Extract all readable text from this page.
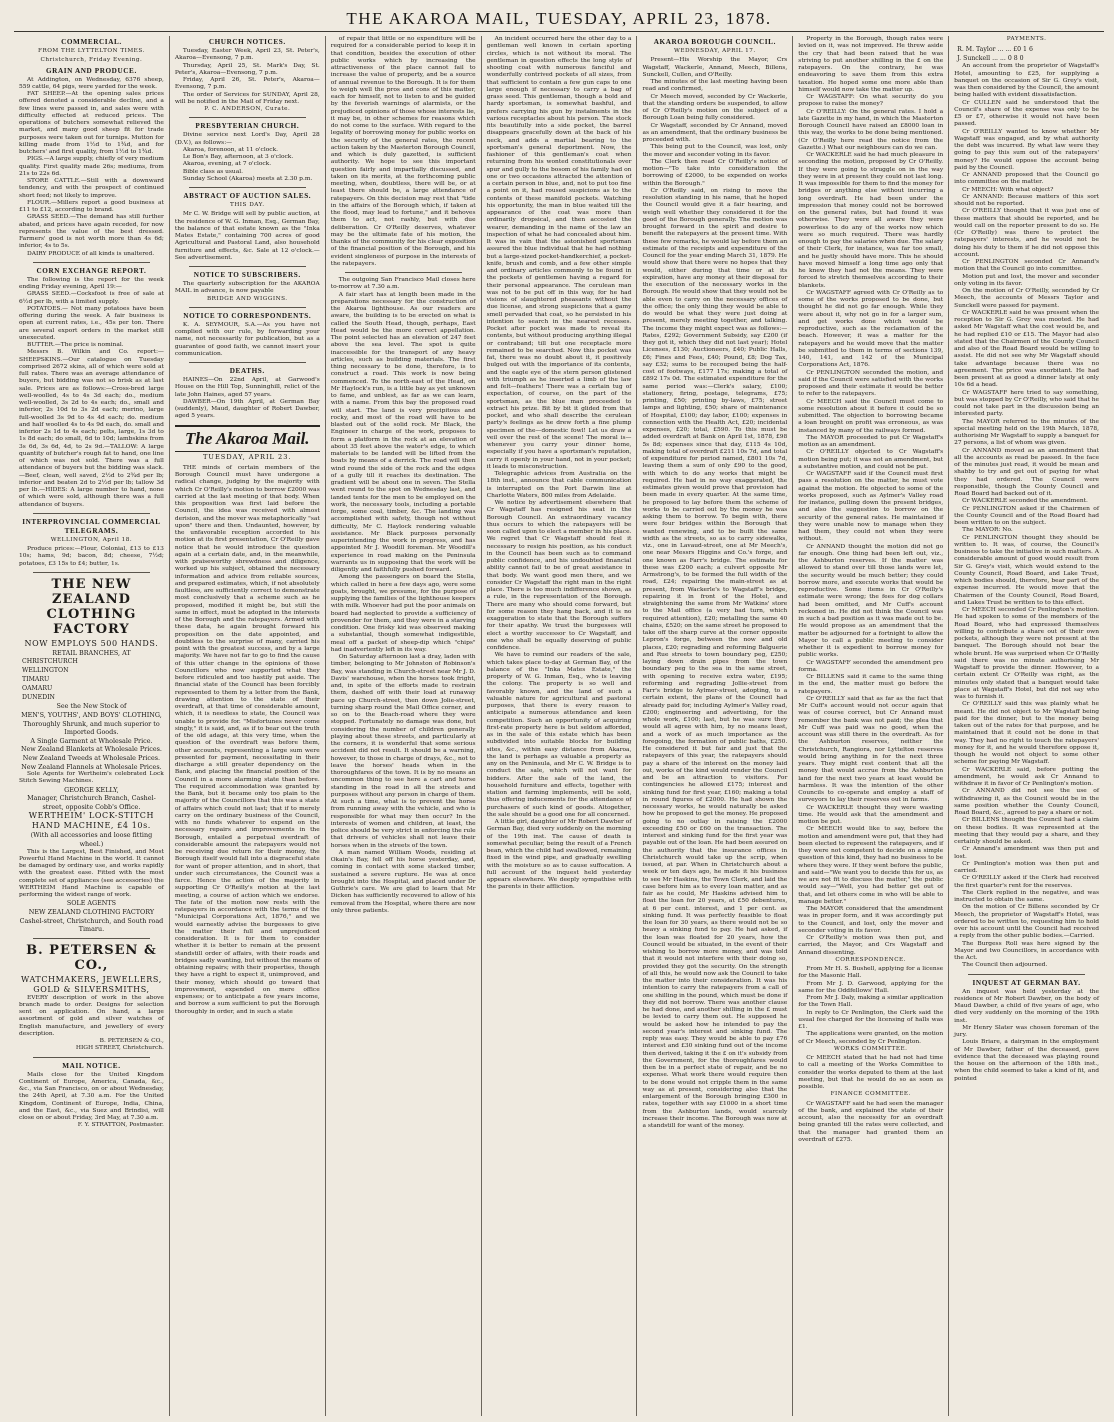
THE AKAROA MAIL, TUESDAY, APRIL 23, 1878.
COMMERCIAL.
FROM THE LYTTELTON TIMES.
Christchurch, Friday Evening.
GRAIN AND PRODUCE.

At Addington, on Wednesday, 6376 sheep, 559 cattle, 64 pigs, were yarded for the week.

FAT SHEEP.—At the opening sales prices offered denoted a considerable decline, and a few lines were passed in, and sales were with difficulty effected at reduced prices. The operations of butchers somewhat relieved the market, and many good sheep fit for trade purposes were taken out for turnips. Mutton for killing made from 1½d to 1¾d, and for butchers' and first quality, from 1½d to 1¾d.

PIGS.—A large supply, chiefly of very medium quality. First quality made 26s; mediums, from 21s to 22s 6d.

STORE CATTLE.—Still with a downward tendency, and with the prospect of continued short feed; not likely to improve.

FLOUR.—Millers report a good business at £11 to £12, according to brand.

GRASS SEED.—The demand has still further abated, and prices have again receded, for now represents the value of the best dressed. Farmers' good is not worth more than 4s 6d; inferior, 4s to 5s.

DAIRY PRODUCE of all kinds is unaltered.

CORN EXCHANGE REPORT.

The following is the report for the week ending Friday evening, April 19:—

GRASS SEED.—Cocksfoot is free of sale at 6½d per lb, with a limited supply.

POTATOES.— Not many potatoes have been offering during the week. A fair business is open at current rates, i.e., 45s per ton. There are several export orders in the market still unexecuted.

BUTTER.—The price is nominal.

Messrs B. Wilkin and Co. report:— SHEEPSKINS.—Our catalogue on Tuesday comprised 2672 skins, all of which were sold at full rates. There was an average attendance of buyers, but bidding was not so brisk as at last sale. Prices are as follows:—Cross-bred large well-woolled, 4s to 4s 3d each; do., medium well-woolled, 3s 2d to 4s each; do., small and inferior, 2s 10d to 3s 2d each; merino, large full-woolled 3s 9d to 4s 4d each; do. medium and half woolled 4s to 4s 9d each, do. small and inferior 2s 1d to 4s each; pelts, large, 1s 3d to 1s 8d each; do small, 6d to 10d; lambskins from 3s 6d, 3s 6d, 4d, to 2s 9d.—TALLOW: A large quantity of butcher's rough fat to hand, one line of which was not sold. There was a full attendance of buyers but the bidding was slack.—Beef, clean, well saved, 2½d to 2¾d per lb; inferior and beaten 2d to 2½d per lb; tallow 3d per lb.—HIDES: A large number to hand, none of which were sold, although there was a full attendance of buyers.

INTERPROVINCIAL COMMERCIAL TELEGRAMS.
WELLINGTON, April 18.

Produce prices:—Flour, Colonial, £13 to £13 10s; hams, 9d; bacon, 8d; cheese, 7½d; potatoes, £3 15s to £4; butter, 1s.

THE NEW ZEALAND CLOTHING FACTORY
NOW EMPLOYS 500 HANDS.
RETAIL BRANCHES, AT
CHRISTCHURCH
WELLINGTON
TIMARU
OAMARU
DUNEDIN
See the New Stock of
MEN'S, YOUTHS', AND BOYS' CLOTHING,
Thoroughly Shrunk, and much superior to Imported Goods.
A Single Garment at Wholesale Price.
New Zealand Blankets at Wholesale Prices.
New Zealand Tweeds at Wholesale Prices.
New Zealand Flannels at Wholesale Prices.

Sole Agents for Wertheim's celebrated Lock Stitch Sewing Machines.

GEORGE KELLY,
Manager, Christchurch Branch, Cashel-street, opposite Cobb's Office.
WERTHEIM' LOCK-STITCH HAND MACHINE, £4 10s.
(With all accessories and loose fitting wheel.)

This is the Largest, Best Finished, and Most Powerful Hand Machine in the world. It cannot be damaged by ordinary use, and works rapidly with the greatest ease. Fitted with the most complete set of appliances (see accessories) the WERTHEIM Hand Machine is capable of performing the widest range of work.

SOLE AGENTS
NEW ZEALAND CLOTHING FACTORY
Cashel-street, Christchurch, and South road Timaru.
B. PETERSEN & CO.,
WATCHMAKERS, JEWELLERS, GOLD & SILVERSMITHS,

EVERY description of work in the above branch made to order. Designs for selection sent on application. On hand, a large assortment of gold and silver watches of English manufacture, and jewellery of every description.

B. PETERSEN & CO.,
HIGH STREET, Christchurch.
MAIL NOTICE.

Mails close for the United Kingdom Continent of Europe, America, Canada, &c., &c., via San Francisco, on or about Wednesday, the 24th April, at 7.30 a.m. For the United Kingdom, Continent of Europe, India, China, and the East, &c., via Suez and Brindisi, will close on or about Friday, 3rd May, at 7.30 a.m.

F. Y. STRATTON, Postmaster.
CHURCH NOTICES.

Tuesday, Easter Week, April 23, St. Peter's, Akaroa—Evensong, 7 p.m.

Thursday, April 25, St. Mark's Day, St. Peter's, Akaroa—Evensong, 7 p.m.

Friday, April 26, St. Peter's, Akaroa—Evensong, 7 p.m.

The order of Services for SUNDAY, April 28, will be notified in the Mail of Friday next.

P. C. ANDERSON, Curate.
PRESBYTERIAN CHURCH.

Divine service next Lord's Day, April 28 (D.V.), as follows:—

Akaroa, forenoon, at 11 o'clock.

Le Bon's Bay, afternoon, at 3 o'clock.

Akaroa, evening, at 7 o'clock.

Bible class as usual.

Sunday School (Akaroa) meets at 2.30 p.m.

ABSTRACT OF AUCTION SALES.
THIS DAY.

Mr C. W. Bridge will sell by public auction, at the residence of W. G. Inman, Esq., German Bay, the balance of that estate known as the "Inka Mates Estate," containing 700 acres of good Agricultural and Pastoral Land, also household furniture and effects, &c. Sale at 12 o'clock.—See advertisement.

NOTICE TO SUBSCRIBERS.

The quarterly subscription for the AKAROA MAIL in advance, is now payable

BRIDGE AND WIGGINS.
NOTICE TO CORRESPONDENTS.

K. A. SEYMOUR, S.A.—As you have not complied with our rule, by forwarding your name, not necessarily for publication, but as a guarantee of good faith, we cannot insert your communication.

DEATHS.

HAINES—On 22nd April, at Garwood's House on the Hill Top, Sunninghill, relict of the late John Haines, aged 57 years.

DAWBER—On 19th April, at German Bay (suddenly), Maud, daughter of Robert Dawber, aged 5 years.

The Akaroa Mail.
TUESDAY, APRIL 23.

THE minds of certain members of the Borough Council must have undergone a radical change, judging by the majority with which Cr O'Reilly's motion to borrow £2000 was carried at the last meeting of that body. When this proposition was first laid before the Council, the idea was received with almost derision, and the mover was metaphorically "sat upon" there and then. Undaunted, however, by the unfavorable reception accorded to his motion at its first presentation, Cr O'Reilly gave notice that he would introduce the question again at a certain date, and, in the meanwhile, with praiseworthy shrewdness and diligence, worked up his subject, obtained the necessary information and advice from reliable sources, and prepared estimates, which, if not absolutely faultless, are sufficiently correct to demonstrate most conclusively that a scheme such as he proposed, modified it might be, but still the same in effect, must be adopted in the interests of the Borough and the ratepayers. Armed with these data, he again brought forward his proposition on the date appointed, and doubtless to the surprise of many, carried his point with the greatest success, and by a large majority. We have not far to go to find the cause of this utter change in the opinions of those Councillors who now supported what they before ridiculed and too hastily put aside. The financial state of the Council has been forcibly represented to them by a letter from the Bank, drawing attention to the state of their overdraft, at that time of considerable amount, which, it is needless to state, the Council was unable to provide for. "Misfortunes never come singly," it is said, and, as if to bear out the truth of the old adage, at this very time, when the question of the overdraft was before them, other accounts, representing a large sum were presented for payment, necessitating in their discharge a still greater dependency on the Bank, and placing the financial position of the Council in a more alarming state than before. The required accommodation was granted by the Bank, but it became only too plain to the majority of the Councillors that this was a state of affairs which could not last; that if to merely carry on the ordinary business of the Council, with no funds whatever to expend on the necessary repairs and improvements in the Borough, entailed a perpetual overdraft of considerable amount the ratepayers would not be receiving due return for their money, the Borough itself would fall into a disgraceful state for want of proper attention, and in short, that under such circumstances, the Council was a farce. Hence the action of the majority in supporting Cr O'Reilly's motion at the last meeting, a course of action which we endorse. The fate of the motion now rests with the ratepayers in accordance with the terms of the "Municipal Corporations Act, 1876," and we would earnestly advise the burgesses to give the matter their full and unprejudiced consideration. It is for them to consider whether it is better to remain at the present standstill order of affairs, with their roads and bridges sadly wanting, but without the means of obtaining repairs; with their properties, though they have a right to expect it, unimproved, and their money, which should go toward that improvement, expended on mere office expenses; or to anticipate a few years income, and borrow a sum sufficient to put the Borough thoroughly in order, and in such a state

of repair that little or no expenditure will be required for a considerable period to keep it in that condition, besides the execution of other public works which by increasing the attractiveness of the place cannot fail to increase the value of property, and be a source of annual revenue to the Borough. It is for them to weigh well the pros and cons of this matter, each for himself, not to listen to and be guided by the feverish warnings of alarmists, or the prejudiced opinions of those whose interests lie, it may be, in other schemes for reasons which do not come to the surface. With regard to the legality of borrowing money for public works on the security of the general rates, the recent action taken by the Masterton Borough Council, and which is duly gazetted, is sufficient authority. We hope to see this important question fairly and impartially discussed, and taken on its merits, at the forthcoming public meeting, when, doubtless, there will be, or at least there should be, a large attendance of ratepayers. On this decision may rest that "tide in the affairs of the Borough which, if taken at the flood, may lead to fortune," and it behoves them to act, not rashly, but with due deliberation. Cr O'Reilly deserves, whatever may be the ultimate fate of his motion, the thanks of the community for his clear exposition of the financial position of the Borough, and his evident singleness of purpose in the interests of the ratepayers.

The outgoing San Francisco Mail closes here to-morrow at 7.30 a.m.

A fair start has at length been made in the preparations necessary for the construction of the Akaroa lighthouse. As our readers are aware, the building is to be erected on what is called the South Head, though, perhaps, East Head would be the more correct appellation. The point selected has an elevation of 247 feet above the sea level. The spot is quite inaccessible for the transport of any heavy articles, such as building materials. The first thing necessary to be done, therefore, is to construct a road. This work is now being commenced. To the north-east of the Head, on Mr Haylock's run, is a little bay as yet unknown to fame, and unblest, as far as we can learn, with a name. From this bay the proposed road will start. The land is very precipitous and rocky, and most of the road will have to be blasted out of the solid rock. Mr Black, the Engineer in charge of the work, proposes to form a platform in the rock at an elevation of about 35 feet above the water's edge, to which materials to be landed will be lifted from the boats by means of a derrick. The road will then wind round the side of the rock and the edges of a gully till it reaches its destination. The gradient will be about one in seven. The Stella went round to the spot on Wednesday last, and landed tents for the men to be employed on the work, the necessary tools, including a portable forge, some coal, timber, &c. The landing was accomplished with safety, though not without difficulty, Mr C. Haylock rendering valuable assistance. Mr Black purposes personally superintending the work in progress, and has appointed Mr J. Woodill foreman. Mr Woodill's experience in road making on the Peninsula warrants us in supposing that the work will be diligently and faithfully pushed forward.

Among the passengers on board the Stella, which called in here a few days ago, were some goats, brought, we presume, for the purpose of supplying the families of the lighthouse keepers with milk. Whoever had put the poor animals on board had neglected to provide a sufficiency of provender for them, and they were in a starving condition. One frisky kid was observed making a substantial, though somewhat indigestible, meal off a packet of sheep-dip which "chips" had inadvertently left in its way.

On Saturday afternoon last a dray, laden with timber, belonging to Mr Johnston of Robinson's Bay, was standing in Church-street near Mr J. D. Davis' warehouse, when the horses took fright, and, in spite of the efforts made to restrain them, dashed off with their load at runaway pace up Church-street, then down Jolie-street, turning sharp round the Mail Office corner, and so on to the Beach-road where they were stopped. Fortunately no damage was done, but considering the number of children generally playing about these streets, and particularly at the corners, it is wonderful that some serious accident did not result. It should be a warning, however, to those in charge of drays, &c., not to leave the horses' heads when in the thoroughfares of the town. It is by no means an uncommon thing to see here a cart and horse standing in the road in all the streets and purposes without any person in charge of them. At such a time, what is to prevent the horse from running away with the vehicle, and who is responsible for what may then occur? In the interests of women and children, at least, the police should be very strict in enforcing the rule that drivers of vehicles shall not leave their horses when in the streets of the town.

A man named William Woods, residing at Okain's Bay, fell off his horse yesterday, and, coming in contact with some stacked timber, sustained a severe rupture. He was at once brought into the Hospital, and placed under Dr Guthrie's care. We are glad to learn that Mr Dicken has sufficiently recovered to allow of his removal from the Hospital, where there are now only three patients.

An incident occurred here the other day to a gentleman well known in certain sporting circles, which is not without its moral. The gentleman in question effects the long style of shooting coat with numerous fanciful and wonderfully contrived pockets of all sizes, from that sufficient to contain a few gun caps to one large enough if necessary to carry a bag of grass seed. This gentleman, though a bold and hardy sportsman, is somewhat bashful, and prefers carrying his gun by instalments in the various receptacles about his person. The stock fits beautifully into a side pocket, the barrel disappears gracefully down at the back of his neck, and adds a martial bearing to the sportsman's general deportment. Now, the fashioner of this gentleman's coat when returning from his wonted constitutionals over spur and gully to the bosom of his family had on one or two occasions attracted the attention of a certain person in blue, and, not to put too fine a point on it, had roused suspicions as to the contents of these manifold pockets. Watching his opportunity, the man in blue waited till the appearance of the coat was more than ordinarily dropsical, and then accosted the wearer, demanding in the name of the law an inspection of what he had concealed about him. It was in vain that the astonished sportsman assured the blue individual that he had nothing but a large-sized pocket-handkerchief, a pocket-knife, brush and comb, and a few other simple and ordinary articles commonly to be found in the pockets of gentlemen having a regard for their personal appearance. The cerulean man was not to be put off in this way, for he had visions of slaughtered pheasants without the due license, and strong suspicions that a gamy smell pervaded that coat, so he persisted in his intention to search in the nearest recesses. Pocket after pocket was made to reveal its contents, but without producing anything illegal or contraband; till but one receptacle more remained to be searched. Now this pocket was fat, there was no doubt about it, it positively bulged out with the importance of its contents, and the eagle eye of the stern person glistened with triumph as he inserted a limb of the law and felt—feathers! There was a certain tug of expectation, of course, on the part of the sportsman, as the blue man proceeded to extract his prize. Bit by bit it glided from that pocket, and who shall describe the cerulean party's feelings as he drew forth a fine plump specimen of the—domestic fowl! Let us draw a veil over the rest of the scene! The moral is—whenever you carry your dinner home, especially if you have a sportsman's reputation, carry it openly in your hand, not in your pocket; it leads to misconstruction.

Telegraphic advices from Australia on the 18th inst., announce that cable communication is interrupted on the Port Darwin line at Charlotte Waters, 800 miles from Adelaide.

We notice by advertisement elsewhere that Cr Wagstaff has resigned his seat in the Borough Council. An extraordinary vacancy thus occurs to which the ratepayers will be soon called upon to elect a member in his place. We regret that Cr Wagstaff should feel it necessary to resign his position, as his conduct in the Council has been such as to command public confidence, and his undoubted financial ability cannot fail to be of great assistance in that body. We want good men there, and we consider Cr Wagstaff the right man in the right place. There is too much indifference shown, as a rule, in the representation of the Borough. There are many who should come forward, but for some reason they hang back, and it is no exaggeration to state that the Borough suffers for their apathy. We trust the burgesses will elect a worthy successor to Cr Wagstaff, and one who shall be equally deserving of public confidence.

We have to remind our readers of the sale, which takes place to-day at German Bay, of the balance of the "Inka Mates Estate," the property of W. G. Inman, Esq., who is leaving the colony. The property is so well and favorably known, and the land of such a valuable nature for agricultural and pastoral purposes, that there is every reason to anticipate a numerous attendance and keen competition. Such an opportunity of acquiring first-rate property here is but seldom afforded, as in the sale of this estate which has been subdivided into suitable blocks for building sites, &c., within easy distance from Akaroa, the land is perhaps as valuable a property as any on the Peninsula, and Mr C. W. Bridge is to conduct the sale, which will not want for bidders. After the sale of the land, the household furniture and effects, together with station and farming implements, will be sold, thus offering inducements for the attendance of purchasers of such kind of goods. Altogether, the sale should be a good one for all concerned.

A little girl, daughter of Mr Robert Dawber of German Bay, died very suddenly on the morning of the 19th inst. The cause of death is somewhat peculiar, being the result of a French bean, which the child had swallowed, remaining fixed in the wind pipe, and gradually swelling with the moisture so as to cause suffocation. A full account of the inquest held yesterday appears elsewhere. We deeply sympathise with the parents in their affliction.

AKAROA BOROUGH COUNCIL.
WEDNESDAY, APRIL 17.

Present—His Worship the Mayor, Crs Wagstaff, Wackerle, Annand, Meech, Billens, Sunckell, Cullen, and O'Reilly.

The minutes of the last meeting having been read and confirmed,

Cr Meech moved, seconded by Cr Wackerle, that the standing orders be suspended, to allow of Cr O'Reilly's motion on the subject of a Borough Loan being fully considered.

Cr Wagstaff, seconded by Cr Annand, moved as an amendment, that the ordinary business be proceeded with.

This being put to the Council, was lost, only the mover and seconder voting in its favor.

The Clerk then read Cr O'Reilly's notice of motion—"To take into consideration the borrowing of £2000, to be expended on works within the Borough."

Cr O'Reilly said, on rising to move the resolution standing in his name, that he hoped the Council would give it a fair hearing, and weigh well whether they considered it for the good of the Borough generally. The motion was brought forward in the spirit and desire to benefit the ratepayers at the present time. With these few remarks, he would lay before them an estimate of the receipts and expenditure of the Council for the year ending March 31, 1879. He would show that there were no hopes that they would, either during that time or at its expiration, have any money at their disposal for the execution of the necessary works in the Borough. He would show that they would not be able even to carry on the necessary offices of the office; the only thing they would be able to do would be what they were just doing at present, merely meeting together, and talking. The income they might expect was as follows:— Rates, £292; Government Subsidy, say £200 (if they got it, which they did not last year); Hotel Licenses, £130; Auctioneers, £40; Public Halls, £6; Fines and Fees, £40; Pound, £8; Dog Tax, say £32; sums to be recouped being the half-cost of footways, £177 17s; making a total of £892 17s 0d. The estimated expenditure for the same period was:—Clerk's salary, £100; stationery, firing, postage, telegrams, £75; printing, £50; printing by-laws, £75; street lamps and lighting, £50; share of maintenance of Hospital, £100; day labor, £100; expenses in connection with the Health Act, £20; incidental expenses, £20; total, £590. To this must be added overdraft at Bank on April 1st, 1878, £98 5s 8d; expenses since that day, £115 4s 10d, making total of overdraft £211 10s 7d, and total of expenditure for period named, £801 10s 7d, leaving them a sum of only £90 to the good, with which to do any works that might be required. He had in no way exaggerated, the estimates given would prove that provision had been made in every quarter. At the same time, he proposed to lay before them the scheme of works to be carried out by the money he was asking them to borrow. To begin with, there were four bridges within the Borough that wanted renewing, and to be built the same width as the streets, so as to carry sidewalks, viz., one in Lavaud-street, one at Mr Meech's, one near Messrs Higgins and Co.'s forge, and one known as Farr's bridge. The estimate for these was £200 each; a culvert opposite Mr Armstrong's, to be formed the full width of the road, £24; repairing the main-street as at present, from Wackerle's to Wagstaff's bridge, repairing it in front of the Hotel, and straightening the same from Mr Watkins' store to the Mail office (a very bad turn, which required attention), £20; metalling the same 40 chains, £520; on the same street he proposed to take off the sharp curve at the corner opposite Lepron's forge, between the now and old places, £20; regrading and reforming Balguerie and Rue streets to town boundary peg, £250; laying down drain pipes from the town boundary peg to the sea in the same street, with opening to receive extra water, £195; reforming and regrading Jollie-street from Farr's bridge to Aylmer-street, adopting, to a certain extent, the plans of the Council had already paid for, including Aylmer's Valley road, £200; engineering and advertising, for the whole work, £100; last, but he was sure they would all agree with him, by no means least, and a work of as much importance as the foregoing, the formation of public baths, £250. He considered it but fair and just that the ratepayers of this year, the ratepayers should pay a share of the interest on the money laid out, works of the kind would render the Council and be an attraction to visitors. For contingencies he allowed £175; interest and sinking fund for first year, £160; making a total in round figures of £2000. He had shown the necessary works, he would naturally be asked how he proposed to get the money. He proposed going to no outlay in raising the £2000 exceeding £50 or £60 on the transaction. The interest and sinking fund for the first year was payable out of the loan. He had been assured on the authority that the insurance offices in Christchurch would take up the scrip, when issued, at par. When in Christchurch about a week or ten days ago, he made it his business to see Mr Haskins, the Town Clerk, and laid the case before him as to every loan matter, and as fair as he could, Mr Haskins advised him to float the loan for 20 years, at £50 debentures, at 6 per cent. interest, and 1 per cent. as sinking fund. It was perfectly feasible to float the loan for 30 years, as there would not be so heavy a sinking fund to pay. He had asked, if the loan was floated for 20 years, how the Council would be situated, in the event of their wishing to borrow more money, and was told that it would not interfere with their doing so, provided they got the security. On the strength of all this, he would now ask the Council to take the matter into their consideration. It was his intention to carry the ratepayers from a call of one shilling in the pound, which must be done if they did not borrow. There was another clause he had done, and another shilling in the £ must be levied to carry them out. He supposed he would be asked how he intended to pay the second year's interest and sinking fund. The reply was easy. They would be able to pay £76 interest and £30 sinking fund out of the income then derived, taking it the £ on it's subsidy from the Government, for the thoroughfares would then be in a perfect state of repair, and be no expense. What work there would require then to be done would not cripple them in the same way as at present, considering also that the enlargement of the Borough bringing £300 in rates, together with say £1000 in a short time from the Ashburton lands, would scarcely increase their income. The Borough was now at a standstill for want of the money.

Property in the Borough, though rates were levied on it, was not improved. He threw aside the cry that had been raised that he was striving to put another shilling in the £ on the ratepayers. On the contrary, he was endeavoring to save them from this extra taxation. He hoped some one more able than himself would now take the matter up.

Cr WAGSTAFF: On what security do you propose to raise the money?

Cr O'REILLY: On the general rates. I hold a late Gazette in my hand, in which the Masterton Borough Council have raised an £8000 loan in this way, the works to be done being mentioned. (Cr O'Reilly here read the notice from the Gazette.) What our neighbours can do we can.

Cr WACKERLE said he had much pleasure in seconding the motion, proposed by Cr O'Reilly. If they were going to struggle on in the way they were in at present they could not last long. It was impossible for them to find the money for bridges or anything else without incurring a long overdraft. He had been under the impression that money could not be borrowed on the general rates, but had found it was otherwise. They were all aware they were powerless to do any of the works now which were so much required. There was hardly enough to pay the salaries when due. The salary of their Clerk, for instance, was far too small, and he justly should have more. This he should have moved himself a long time ago only that he knew they had not the means. They were forced to stretch themselves according to their blankets.

Cr WAGSTAFF agreed with Cr O'Reilly as to some of the works proposed to be done, but thought he did not go far enough. While they were about it, why not go in for a larger sum, and get works done which would be reproductive, such as the reclamation of the beach. However, it was a matter for the ratepayers and he would move that the matter be submitted to them in terms of sections 139, 140, 141, and 142 of the Municipal Corporations Act, 1876.

Cr PENLINGTON seconded the motion, and said if the Council were satisfied with the works proposed and their estimate it would be better to refer to the ratepayers.

Cr MEECH said the Council must come to some resolution about it before it could be so submitted. The objection to borrowing became a loan brought on profit was erroneous, as was instanced by many of the railways formed.

The MAYOR proceeded to put Cr Wagstaff's motion as an amendment.

Cr O'REILLY objected to Cr Wagstaff's motion being put; it was not an amendment, but a substantive motion, and could not be put.

Cr WAGSTAFF said if the Council must first pass a resolution on the matter, he must vote against the motion. He objected to some of the works proposed, such as Aylmer's Valley road for instance, pulling down the present bridges, and also the suggestion to borrow on the security of the general rates. He maintained if they were unable now to manage when they had them, they could not when they were without.

Cr ANNAND thought the motion did not go far enough. One thing had been left out, viz., the Ashburton reserves. If the matter was allowed to stand over till those lands were let, the security would be much better; they could borrow more, and execute works that would be reproductive. Some items in Cr O'Reilly's estimate were wrong; the fees for dog collars had been omitted, and Mr Cuff's account reckoned in. He did not think the Council was in such a bad position as it was made out to be. He would propose as an amendment that the matter be adjourned for a fortnight to allow the Mayor to call a public meeting to consider whether it is expedient to borrow money for public works.

Cr WAGSTAFF seconded the amendment pro forma.

Cr BILLENS said it came to the same thing in the end, the matter must go before the ratepayers.

Cr O'REILLY said that as far as the fact that Mr Cuff's account would not occur again that was of course correct, but Cr Annand must remember the bank was not paid; the plea that Mr Cuff was paid was no good, when the account was still there in the overdraft. As for the Ashburton reserves, neither the Christchurch, Rangiora, nor Lyttelton reserves would bring anything in for the next three years. They might rest content that all the money that would accrue from the Ashburton land for the next two years at least would be harmless. It was the intention of the other Councils to co-operate and employ a staff of surveyors to lay their reserves out in farms.

Cr WACKERLE thought they were wasting time. He would ask that the amendment and motion be put.

Cr MEECH would like to say, before the motion and amendment were put, that they had been elected to represent the ratepayers, and if they were not competent to decide on a simple question of this kind, they had no business to be where they were. If they went before the public, and said—"We want you to decide this for us, as we are not fit to discuss the matter," the public would say—"Well, you had better get out of that, and let others come in who will be able to manage better."

The MAYOR considered that the amendment was in proper form, and it was accordingly put to the Council, and lost, only the mover and seconder voting in its favor.

Cr O'Reilly's motion was then put, and carried, the Mayor, and Crs Wagstaff and Annand dissenting.

CORRESPONDENCE.

From Mr H. S. Bushell, applying for a license for the Masonic Hall.

From Mr J. D. Garwood, applying for the same for the Oddfellows' Hall.

From Mr J. Daly, making a similar application for the Town Hall.

In reply to Cr Penlington, the Clerk said the usual fee charged for the licensing of halls was £1.

The applications were granted, on the motion of Cr Meech, seconded by Cr Penlington.

WORKS COMMITTEE.

Cr MEECH stated that he had not had time to call a meeting of the Works Committee to consider the works deputed to them at the last meeting, but that he would do so as soon as possible.

FINANCE COMMITTEE.

Cr WAGSTAFF said he had seen the manager of the bank, and explained the state of their account, also the necessity for an overdraft being granted till the rates were collected, and that the manager had granted them an overdraft of £275.

PAYMENTS.
R. M. Taylor ... ... £0 1 6
J. Sunckell ... ... 0 8 0

An account from the proprietor of Wagstaff's Hotel, amounting to £25, for supplying a banquet on the occasion of Sir G. Grey's visit, was then considered by the Council, the amount being hailed with evident dissatisfaction.

Cr CULLEN said he understood that the Council's share of the expense was only to be £5 or £7, otherwise it would not have been passed.

Cr O'REILLY wanted to know whether Mr Wagstaff was engaged, and by what authority the debt was incurred. By what law were they going to pay this sum out of the ratepayers' money? He would oppose the account being paid by the Council.

Cr ANNAND proposed that the Council go into committee on the matter.

Cr MEECH: With what object?

Cr ANNAND: Because matters of this sort should not be reported.

Cr O'REILLY thought that it was just one of these matters that should be reported, and he would call on the reporter present to do so. He (Cr O'Reilly) was there to protect the ratepayers' interests, and he would not be doing his duty to them if he did not oppose this account.

Cr PENLINGTON seconded Cr Annand's motion that the Council go into committee.

Motion put and lost, the mover and seconder only voting in its favor.

On the motion of Cr O'Reilly, seconded by Cr Meech, the accounts of Messrs Taylor and Sunckell were passed for payment.

Cr WACKERLE said he was present when the reception to Sir G. Grey was mooted. He had asked Mr Wagstaff what the cost would be, and he had replied £10 or £15. The Mayor had also stated that the Chairmen of the County Council and also of the Road Board would be willing to assist. He did not see why Mr Wagstaff should take advantage because there was no agreement. The price was exorbitant. He had been present at as good a dinner lately at only 10s 6d a head.

Cr WAGSTAFF here tried to say something, but was stopped by Cr O'Reilly, who said that he could not take part in the discussion being an interested party.

The MAYOR referred to the minutes of the special meeting held on the 19th March, 1878, authorising Mr Wagstaff to supply a banquet for 27 persons, a list of whom was given.

Cr ANNAND moved as an amendment that all the accounts as read be passed. In the face of the minutes just read, it would be mean and shabby to try and get out of paying for what they had ordered. The Council were responsible, though the County Council and Road Board had backed out of it.

Cr WACKERLE seconded the amendment.

Cr PENLINGTON asked if the Chairmen of the County Council and of the Road Board had been written to on the subject.

The MAYOR: No.

Cr PENLINGTON thought they should be written to. It was, of course, the Council's business to take the initiative in such matters. A considerable amount of good would result from Sir G. Grey's visit, which would extend to the County Council, Road Board, and Lake Trust, which bodies should, therefore, bear part of the expense incurred. He would move that the Chairmen of the County Council, Road Board, and Lakes Trust be written to to this effect.

Cr MEECH seconded Cr Penlington's motion. He had spoken to some of the members of the Road Board, who had expressed themselves willing to contribute a share out of their own pockets, although they were not present at the banquet. The Borough should not bear the whole brunt. He was surprised when Cr O'Reilly said there was no minute authorising Mr Wagstaff to provide the dinner. However, to a certain extent Cr O'Reilly was right, as the minutes only stated that a banquet would take place at Wagstaff's Hotel, but did not say who was to furnish it.

Cr O'REILLY said this was plainly what he meant. He did not object to Mr Wagstaff being paid for the dinner, but to the money being taken out of the rates for that purpose, and he maintained that it could not be done in that way. They had no right to touch the ratepayers' money for it, and he would therefore oppose it, though he would not object to some other scheme for paying Mr Wagstaff.

Cr WACKERLE said, before putting the amendment, he would ask Cr Annand to withdraw it in favor of Cr Penlington's motion.

Cr ANNAND did not see the use of withdrawing it, as the Council would be in the same position whether the County Council, Road Board, &c., agreed to pay a share or not.

Cr BILLENS thought the Council had a claim on these bodies. It was represented at the meeting that they would pay a share, and they certainly should be asked.

Cr Annand's amendment was then put and lost.

Cr Penlington's motion was then put and carried.

Cr O'REILLY asked if the Clerk had received the first quarter's rent for the reserves.

The Clerk replied in the negative, and was instructed to obtain the same.

On the motion of Cr Billens seconded by Cr Meech, the proprietor of Wagstaff's Hotel, was ordered to be written to, requesting him to hold over his account until the Council had received a reply from the other public bodies.—Carried.

The Burgess Roll was here signed by the Mayor and two Councillors, in accordance with the Act.

The Council then adjourned.

INQUEST AT GERMAN BAY.

An inquest was held yesterday at the residence of Mr Robert Dawber, on the body of Maud Dawber, a child of five years of age, who died very suddenly on the morning of the 19th inst.

Mr Henry Slater was chosen foreman of the jury.

Louis Briare, a dairyman in the employment of Mr Dawber, father of the deceased, gave evidence that the deceased was playing round the house on the afternoon of the 18th inst., when the child seemed to take a kind of fit, and pointed
